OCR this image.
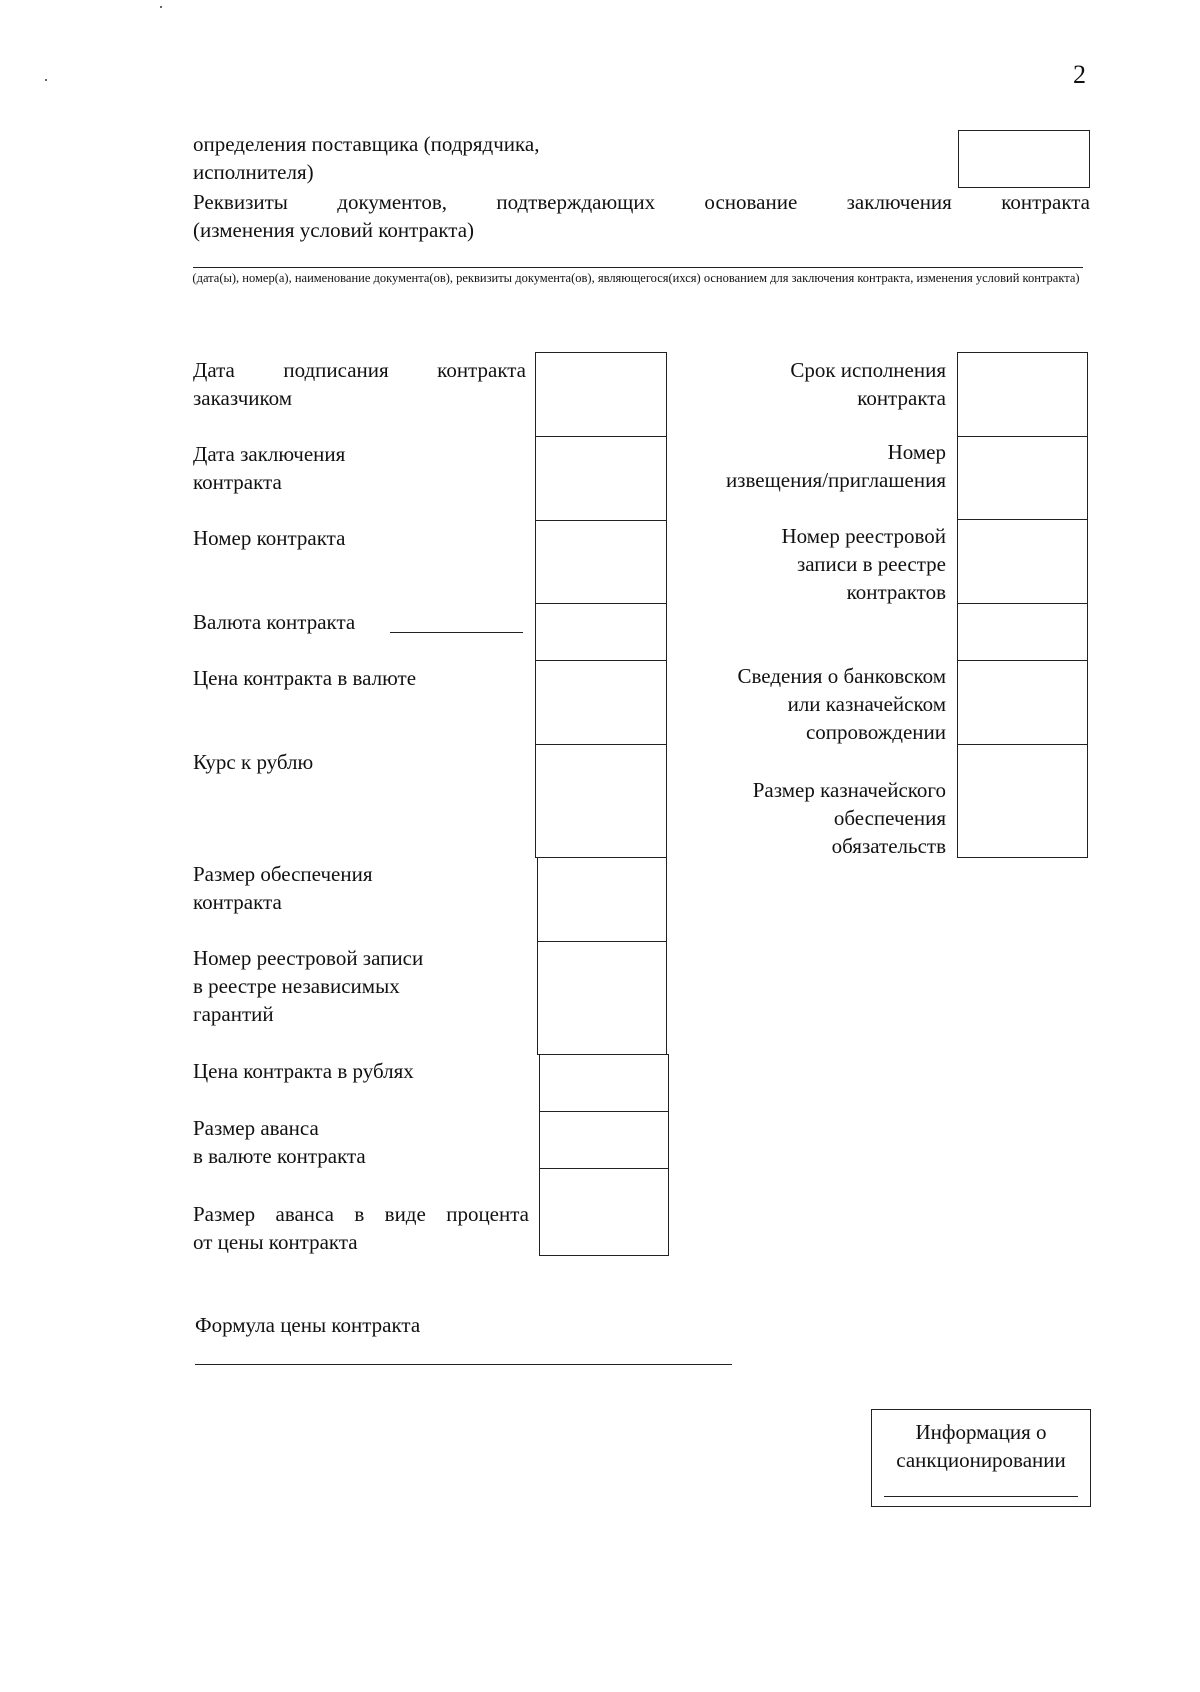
2
определения поставщика (подрядчика,
исполнителя)
Реквизиты документов, подтверждающих основание заключения контракта
(изменения условий контракта)
(дата(ы), номер(а), наименование документа(ов), реквизиты документа(ов), являющегося(ихся) основанием для заключения контракта, изменения условий контракта)
Дата подписания контракта
заказчиком
Дата заключения
контракта
Номер контракта
Валюта контракта
Цена контракта в валюте
Курс к рублю
Размер обеспечения
контракта
Номер реестровой записи
в реестре независимых
гарантий
Цена контракта в рублях
Размер аванса
в валюте контракта
Размер аванса в виде процента
от цены контракта
Срок исполнения
контракта
Номер
извещения/приглашения
Номер реестровой
записи в реестре
контрактов
Сведения о банковском
или казначейском
сопровождении
Размер казначейского
обеспечения
обязательств
Формула цены контракта
Информация о
санкционировании
